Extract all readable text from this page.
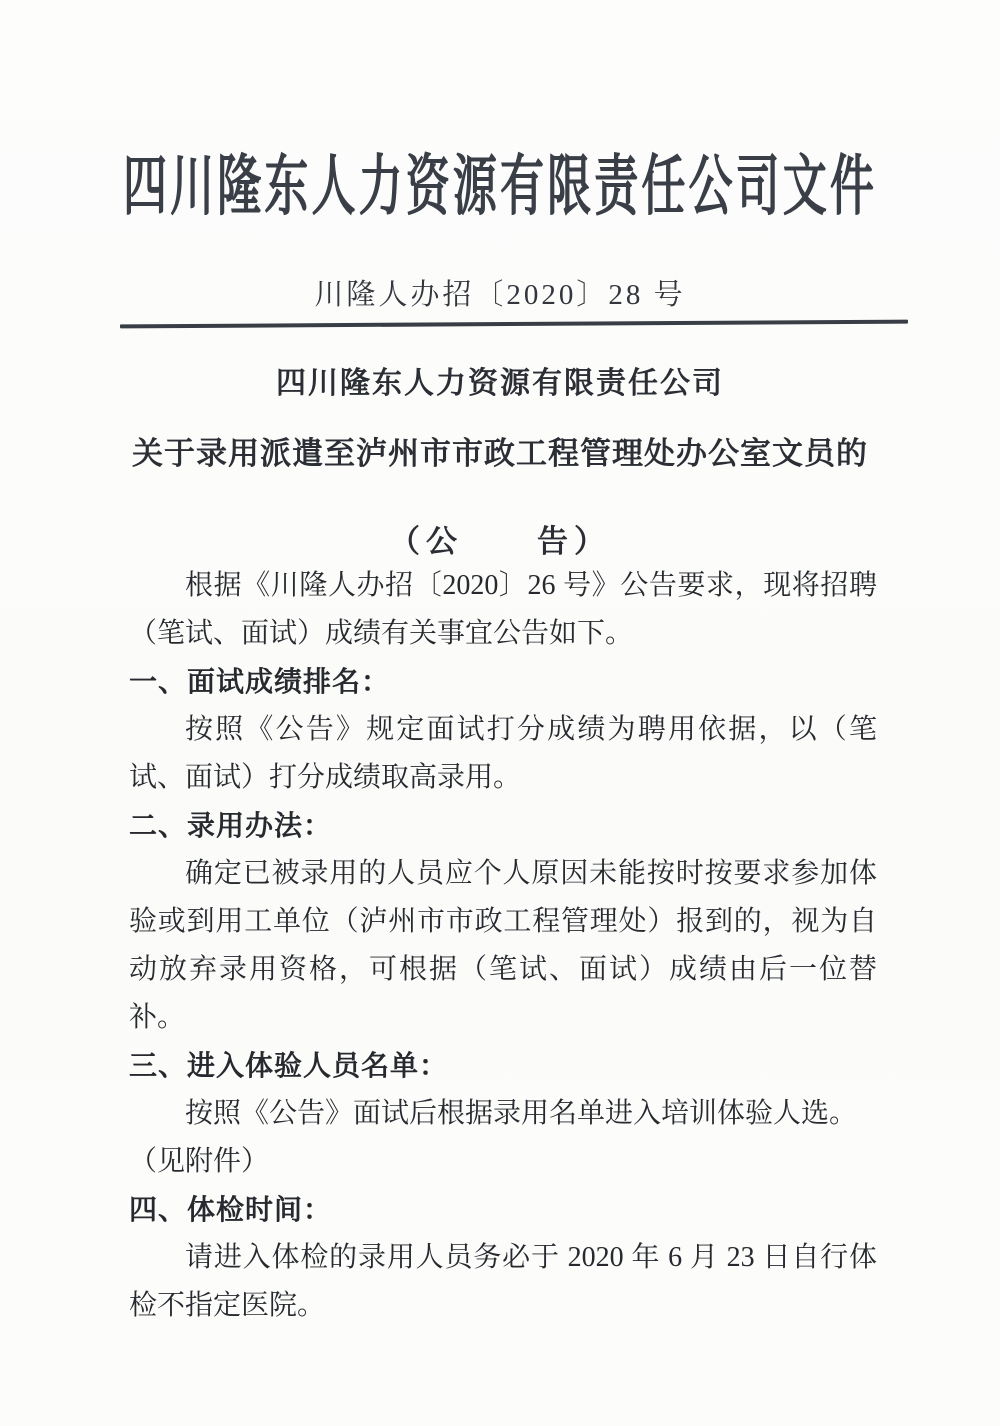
四川隆东人力资源有限责任公司文件
川隆人办招〔2020〕28 号
四川隆东人力资源有限责任公司
关于录用派遣至泸州市市政工程管理处办公室文员的
（公　　告）

根据《川隆人办招〔2020〕26 号》公告要求，现将招聘（笔试、面试）成绩有关事宜公告如下。

一、面试成绩排名：

按照《公告》规定面试打分成绩为聘用依据，以（笔试、面试）打分成绩取高录用。

二、录用办法：

确定已被录用的人员应个人原因未能按时按要求参加体验或到用工单位（泸州市市政工程管理处）报到的，视为自动放弃录用资格，可根据（笔试、面试）成绩由后一位替补。

三、进入体验人员名单：

按照《公告》面试后根据录用名单进入培训体验人选。

（见附件）

四、体检时间：

请进入体检的录用人员务必于 2020 年 6 月 23 日自行体检不指定医院。
